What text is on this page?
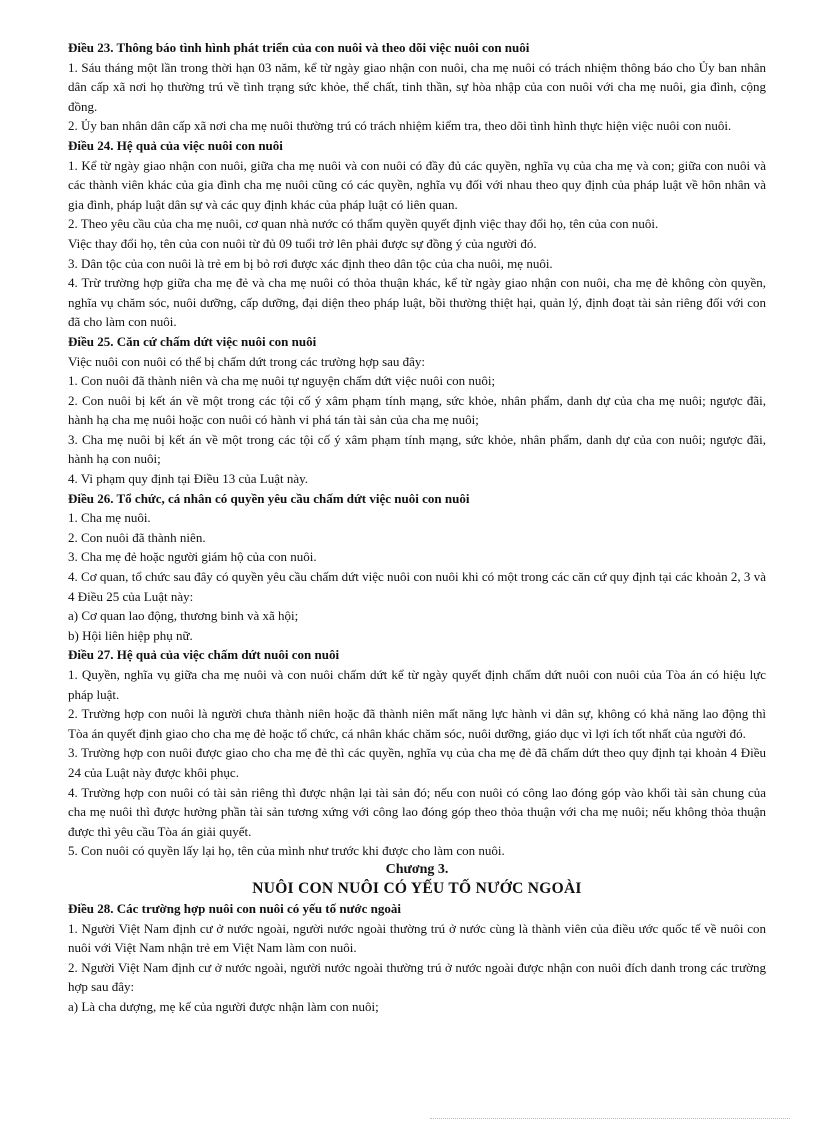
Điều 23. Thông báo tình hình phát triển của con nuôi và theo dõi việc nuôi con nuôi

1. Sáu tháng một lần trong thời hạn 03 năm, kể từ ngày giao nhận con nuôi, cha mẹ nuôi có trách nhiệm thông báo cho Ủy ban nhân dân cấp xã nơi họ thường trú về tình trạng sức khỏe, thể chất, tinh thần, sự hòa nhập của con nuôi với cha mẹ nuôi, gia đình, cộng đồng.

2. Ủy ban nhân dân cấp xã nơi cha mẹ nuôi thường trú có trách nhiệm kiểm tra, theo dõi tình hình thực hiện việc nuôi con nuôi.

Điều 24. Hệ quả của việc nuôi con nuôi

1. Kể từ ngày giao nhận con nuôi, giữa cha mẹ nuôi và con nuôi có đầy đủ các quyền, nghĩa vụ của cha mẹ và con; giữa con nuôi và các thành viên khác của gia đình cha mẹ nuôi cũng có các quyền, nghĩa vụ đối với nhau theo quy định của pháp luật về hôn nhân và gia đình, pháp luật dân sự và các quy định khác của pháp luật có liên quan.

2. Theo yêu cầu của cha mẹ nuôi, cơ quan nhà nước có thẩm quyền quyết định việc thay đổi họ, tên của con nuôi.

Việc thay đổi họ, tên của con nuôi từ đủ 09 tuổi trở lên phải được sự đồng ý của người đó.

3. Dân tộc của con nuôi là trẻ em bị bỏ rơi được xác định theo dân tộc của cha nuôi, mẹ nuôi.

4. Trừ trường hợp giữa cha mẹ đẻ và cha mẹ nuôi có thỏa thuận khác, kể từ ngày giao nhận con nuôi, cha mẹ đẻ không còn quyền, nghĩa vụ chăm sóc, nuôi dưỡng, cấp dưỡng, đại diện theo pháp luật, bồi thường thiệt hại, quản lý, định đoạt tài sản riêng đối với con đã cho làm con nuôi.

Điều 25. Căn cứ chấm dứt việc nuôi con nuôi

Việc nuôi con nuôi có thể bị chấm dứt trong các trường hợp sau đây:

1. Con nuôi đã thành niên và cha mẹ nuôi tự nguyện chấm dứt việc nuôi con nuôi;

2. Con nuôi bị kết án về một trong các tội cố ý xâm phạm tính mạng, sức khỏe, nhân phẩm, danh dự của cha mẹ nuôi; ngược đãi, hành hạ cha mẹ nuôi hoặc con nuôi có hành vi phá tán tài sản của cha mẹ nuôi;

3. Cha mẹ nuôi bị kết án về một trong các tội cố ý xâm phạm tính mạng, sức khỏe, nhân phẩm, danh dự của con nuôi; ngược đãi, hành hạ con nuôi;

4. Vi phạm quy định tại Điều 13 của Luật này.

Điều 26. Tổ chức, cá nhân có quyền yêu cầu chấm dứt việc nuôi con nuôi

1. Cha mẹ nuôi.

2. Con nuôi đã thành niên.

3. Cha mẹ đẻ hoặc người giám hộ của con nuôi.

4. Cơ quan, tổ chức sau đây có quyền yêu cầu chấm dứt việc nuôi con nuôi khi có một trong các căn cứ quy định tại các khoản 2, 3 và 4 Điều 25 của Luật này:

a) Cơ quan lao động, thương binh và xã hội;

b) Hội liên hiệp phụ nữ.

Điều 27. Hệ quả của việc chấm dứt nuôi con nuôi

1. Quyền, nghĩa vụ giữa cha mẹ nuôi và con nuôi chấm dứt kể từ ngày quyết định chấm dứt nuôi con nuôi của Tòa án có hiệu lực pháp luật.

2. Trường hợp con nuôi là người chưa thành niên hoặc đã thành niên mất năng lực hành vi dân sự, không có khả năng lao động thì Tòa án quyết định giao cho cha mẹ đẻ hoặc tổ chức, cá nhân khác chăm sóc, nuôi dưỡng, giáo dục vì lợi ích tốt nhất của người đó.

3. Trường hợp con nuôi được giao cho cha mẹ đẻ thì các quyền, nghĩa vụ của cha mẹ đẻ đã chấm dứt theo quy định tại khoản 4 Điều 24 của Luật này được khôi phục.

4. Trường hợp con nuôi có tài sản riêng thì được nhận lại tài sản đó; nếu con nuôi có công lao đóng góp vào khối tài sản chung của cha mẹ nuôi thì được hưởng phần tài sản tương xứng với công lao đóng góp theo thỏa thuận với cha mẹ nuôi; nếu không thỏa thuận được thì yêu cầu Tòa án giải quyết.

5. Con nuôi có quyền lấy lại họ, tên của mình như trước khi được cho làm con nuôi.

Chương 3.

NUÔI CON NUÔI CÓ YẾU TỐ NƯỚC NGOÀI

Điều 28. Các trường hợp nuôi con nuôi có yếu tố nước ngoài

1. Người Việt Nam định cư ở nước ngoài, người nước ngoài thường trú ở nước cùng là thành viên của điều ước quốc tế về nuôi con nuôi với Việt Nam nhận trẻ em Việt Nam làm con nuôi.

2. Người Việt Nam định cư ở nước ngoài, người nước ngoài thường trú ở nước ngoài được nhận con nuôi đích danh trong các trường hợp sau đây:

a) Là cha dượng, mẹ kế của người được nhận làm con nuôi;
